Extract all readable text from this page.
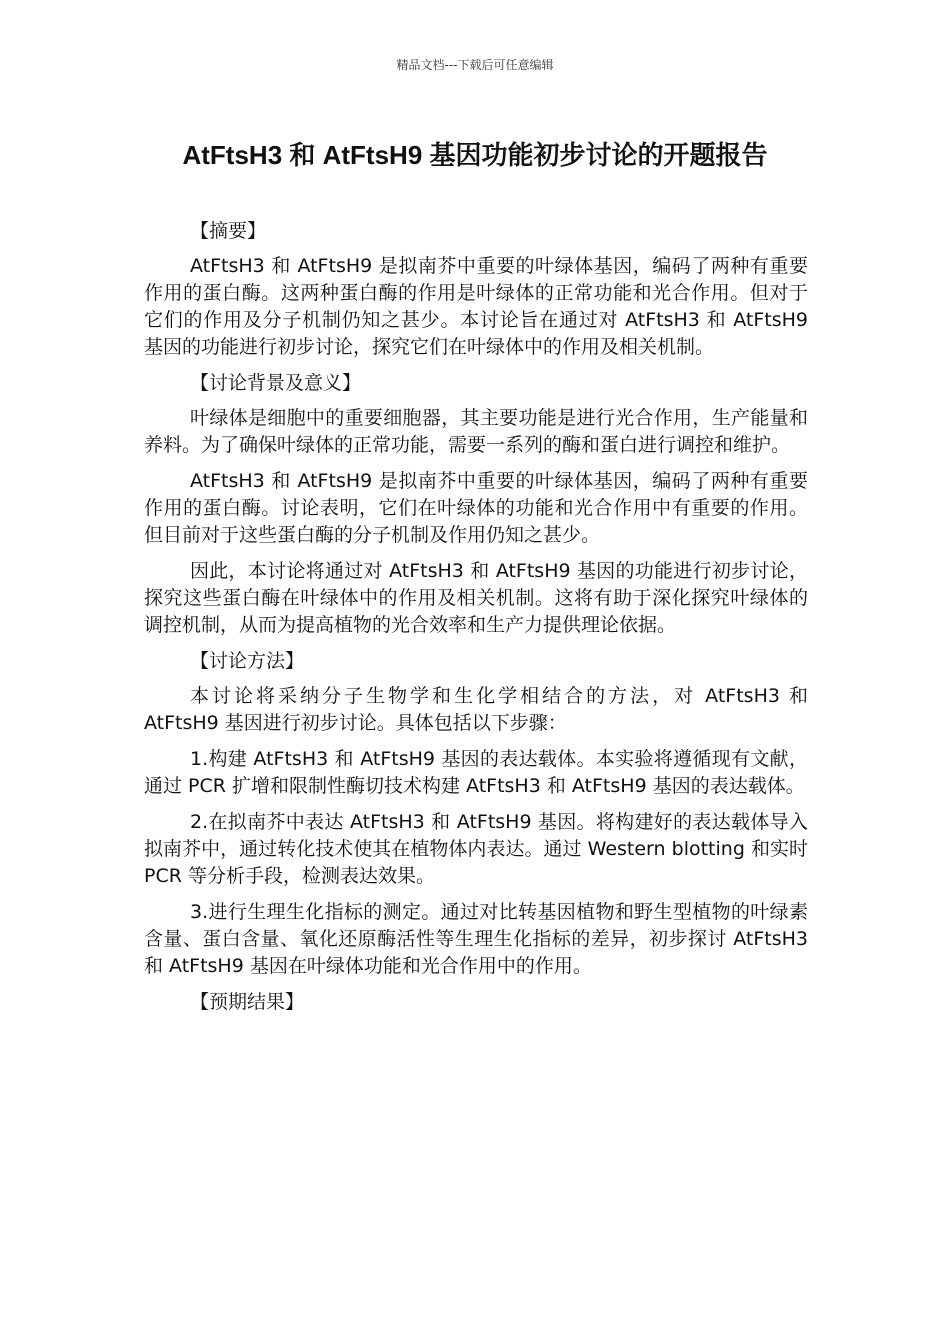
精品文档---下载后可任意编辑
AtFtsH3 和 AtFtsH9 基因功能初步讨论的开题报告
【摘要】
AtFtsH3 和 AtFtsH9 是拟南芥中重要的叶绿体基因，编码了两种有重要作用的蛋白酶。这两种蛋白酶的作用是叶绿体的正常功能和光合作用。但对于它们的作用及分子机制仍知之甚少。本讨论旨在通过对 AtFtsH3 和 AtFtsH9 基因的功能进行初步讨论，探究它们在叶绿体中的作用及相关机制。
【讨论背景及意义】
叶绿体是细胞中的重要细胞器，其主要功能是进行光合作用，生产能量和养料。为了确保叶绿体的正常功能，需要一系列的酶和蛋白进行调控和维护。
AtFtsH3 和 AtFtsH9 是拟南芥中重要的叶绿体基因，编码了两种有重要作用的蛋白酶。讨论表明，它们在叶绿体的功能和光合作用中有重要的作用。但目前对于这些蛋白酶的分子机制及作用仍知之甚少。
因此，本讨论将通过对 AtFtsH3 和 AtFtsH9 基因的功能进行初步讨论，探究这些蛋白酶在叶绿体中的作用及相关机制。这将有助于深化探究叶绿体的调控机制，从而为提高植物的光合效率和生产力提供理论依据。
【讨论方法】
本讨论将采纳分子生物学和生化学相结合的方法，对 AtFtsH3 和 AtFtsH9 基因进行初步讨论。具体包括以下步骤：
1.构建 AtFtsH3 和 AtFtsH9 基因的表达载体。本实验将遵循现有文献，通过 PCR 扩增和限制性酶切技术构建 AtFtsH3 和 AtFtsH9 基因的表达载体。
2.在拟南芥中表达 AtFtsH3 和 AtFtsH9 基因。将构建好的表达载体导入拟南芥中，通过转化技术使其在植物体内表达。通过 Western blotting 和实时 PCR 等分析手段，检测表达效果。
3.进行生理生化指标的测定。通过对比转基因植物和野生型植物的叶绿素含量、蛋白含量、氧化还原酶活性等生理生化指标的差异，初步探讨 AtFtsH3 和 AtFtsH9 基因在叶绿体功能和光合作用中的作用。
【预期结果】
